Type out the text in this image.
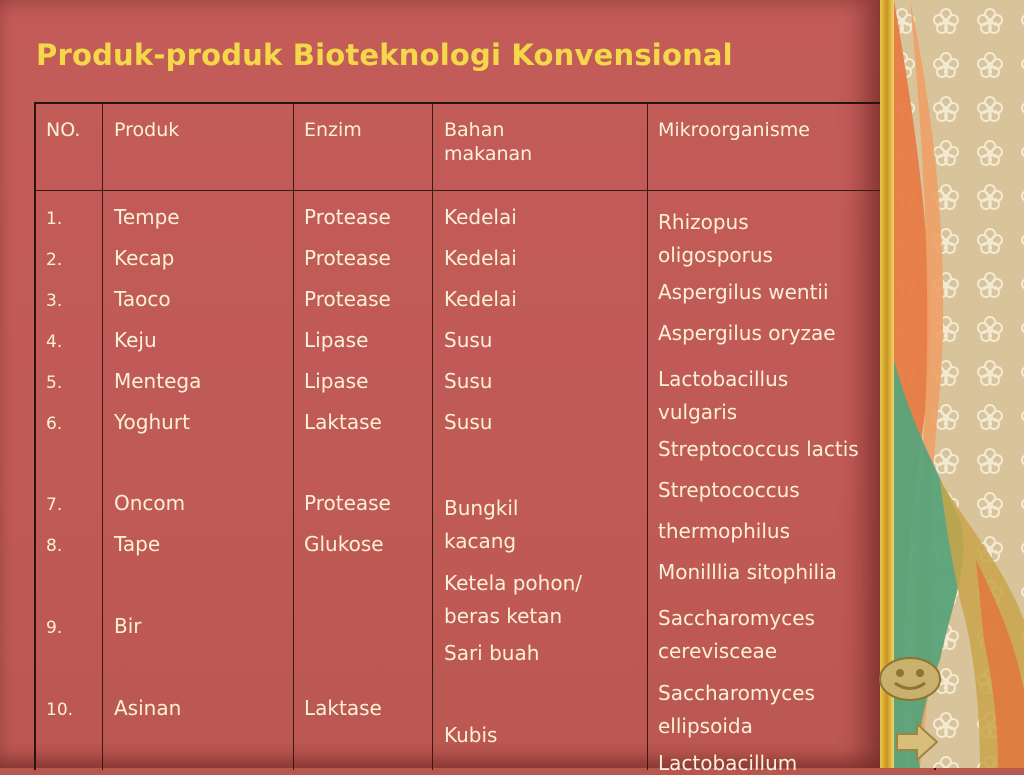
Produk-produk Bioteknologi Konvensional
NO. Produk	Enzim	Bahan makanan
Mikroorganisme
1.
2.
3.
4.
5.
6.
7.
8.
9.
10.
Tempe
Kecap
Taoco
Keju
Mentega
Yoghurt
Oncom
Tape
Bir
Asinan
Protease
Protease
Protease
Lipase
Lipase
Laktase
Protease
Glukose
Laktase
Kedelai
Kedelai
Kedelai
Susu
Susu
Susu
Bungkil kacang
Ketela pohon/ beras ketan
Sari buah
Kubis
Rhizopus oligosporus
Aspergilus wentii
Aspergilus oryzae
Lactobacillus vulgaris
Streptococcus lactis
Streptococcus
thermophilus
Monilllia sitophilia
Saccharomyces cerevisceae
Saccharomyces ellipsoida
Lactobacillum
